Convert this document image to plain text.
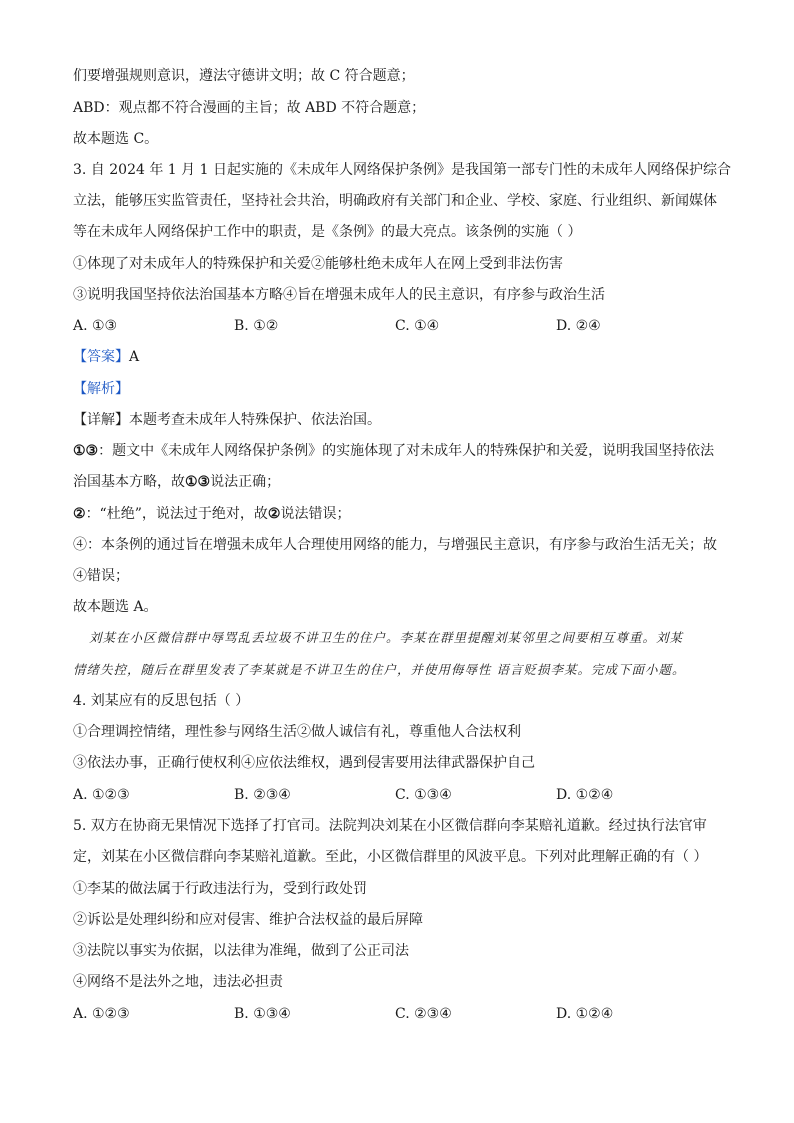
们要增强规则意识，遵法守德讲文明；故 C 符合题意；
ABD：观点都不符合漫画的主旨；故 ABD 不符合题意；
故本题选 C。
3. 自 2024 年 1 月 1 日起实施的《未成年人网络保护条例》是我国第一部专门性的未成年人网络保护综合
立法，能够压实监管责任，坚持社会共治，明确政府有关部门和企业、学校、家庭、行业组织、新闻媒体
等在未成年人网络保护工作中的职责，是《条例》的最大亮点。该条例的实施（ ）
①体现了对未成年人的特殊保护和关爱②能够杜绝未成年人在网上受到非法伤害
③说明我国坚持依法治国基本方略④旨在增强未成年人的民主意识，有序参与政治生活
A. ①③	B. ①②	C. ①④	D. ②④
【答案】A
【解析】
【详解】本题考查未成年人特殊保护、依法治国。
①③：题文中《未成年人网络保护条例》的实施体现了对未成年人的特殊保护和关爱，说明我国坚持依法
治国基本方略，故①③说法正确；
②：“杜绝”，说法过于绝对，故②说法错误；
④：本条例的通过旨在增强未成年人合理使用网络的能力，与增强民主意识，有序参与政治生活无关；故
④错误；
故本题选 A。
刘某在小区微信群中辱骂乱丢垃圾不讲卫生的住户。李某在群里提醒刘某邻里之间要相互尊重。刘某
情绪失控，随后在群里发表了李某就是不讲卫生的住户，并使用侮辱性 语言贬损李某。完成下面小题。
4. 刘某应有的反思包括（ ）
①合理调控情绪，理性参与网络生活②做人诚信有礼，尊重他人合法权利
③依法办事，正确行使权利④应依法维权，遇到侵害要用法律武器保护自己
A. ①②③	B. ②③④	C. ①③④	D. ①②④
5. 双方在协商无果情况下选择了打官司。法院判决刘某在小区微信群向李某赔礼道歉。经过执行法官审
定，刘某在小区微信群向李某赔礼道歉。至此，小区微信群里的风波平息。下列对此理解正确的有（ ）
①李某的做法属于行政违法行为，受到行政处罚
②诉讼是处理纠纷和应对侵害、维护合法权益的最后屏障
③法院以事实为依据，以法律为准绳，做到了公正司法
④网络不是法外之地，违法必担责
A. ①②③	B. ①③④	C. ②③④	D. ①②④
